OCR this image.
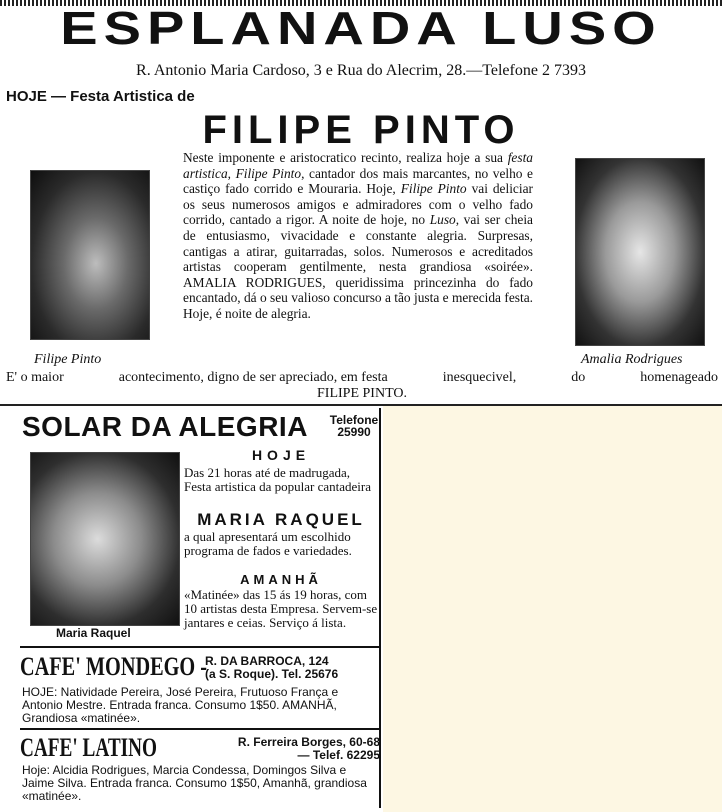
ESPLANADA LUSO
R. Antonio Maria Cardoso, 3 e Rua do Alecrim, 28.—Telefone 2 7393
HOJE — Festa Artistica de
FILIPE PINTO
Neste imponente e aristocratico recinto, realiza hoje a sua festa artistica, Filipe Pinto, cantador dos mais marcantes, no velho e castiço fado corrido e Mouraria. Hoje, Filipe Pinto vai deliciar os seus numerosos amigos e admiradores com o velho fado corrido, cantado a rigor. A noite de hoje, no Luso, vai ser cheia de entusiasmo, vivacidade e constante alegria. Surpresas, cantigas a atirar, guitarradas, solos. Numerosos e acreditados artistas cooperam gentilmente, nesta grandiosa «soirée». AMALIA RODRIGUES, queridissima princezinha do fado encantado, dá o seu valioso concurso a tão justa e merecida festa. Hoje, é noite de alegria.
Filipe Pinto	Amalia Rodrigues
E' o maior	acontecimento, digno de ser apreciado, em festa	inesquecivel,	do	homenageado
FILIPE PINTO.
SOLAR DA ALEGRIA Telefone
25990
Maria Raquel
HOJE
Das 21 horas até de madrugada, Festa artistica da popular cantadeira
MARIA RAQUEL
a qual apresentará um escolhido programa de fados e variedades.
AMANHÃ
«Matinée» das 15 ás 19 horas, com 10 artistas desta Empresa. Servem-se jantares e ceias. Serviço á lista.
CAFE' MONDEGO -
R. DA BARROCA, 124
(a S. Roque). Tel. 25676
HOJE: Natividade Pereira, José Pereira, Frutuoso França e Antonio Mestre. Entrada franca. Consumo 1$50. AMANHÃ, Grandiosa «matinée».
CAFE' LATINO	R. Ferreira Borges, 60-68
— Telef. 62295
Hoje: Alcidia Rodrigues, Marcia Condessa, Domingos Silva e Jaime Silva. Entrada franca. Consumo 1$50, Amanhã, grandiosa «matinée».
